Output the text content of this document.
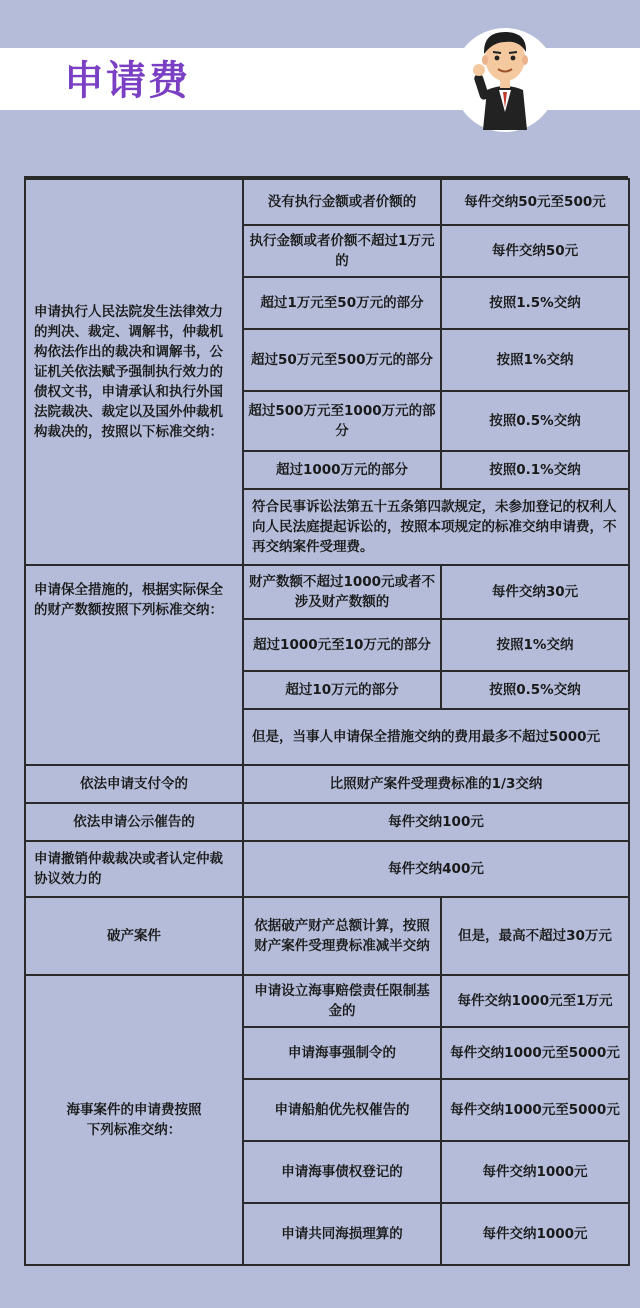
申请费
申请执行人民法院发生法律效力的判决、裁定、调解书，仲裁机构依法作出的裁决和调解书，公证机关依法赋予强制执行效力的债权文书，申请承认和执行外国法院裁决、裁定以及国外仲裁机构裁决的，按照以下标准交纳：	没有执行金额或者价额的	每件交纳50元至500元
	执行金额或者价额不超过1万元的	每件交纳50元
	超过1万元至50万元的部分	按照1.5%交纳
	超过50万元至500万元的部分	按照1%交纳
	超过500万元至1000万元的部分	按照0.5%交纳
	超过1000万元的部分	按照0.1%交纳
	符合民事诉讼法第五十五条第四款规定，未参加登记的权利人向人民法庭提起诉讼的，按照本项规定的标准交纳申请费，不再交纳案件受理费。	
申请保全措施的，根据实际保全的财产数额按照下列标准交纳：	财产数额不超过1000元或者不涉及财产数额的	每件交纳30元
	超过1000元至10万元的部分	按照1%交纳
	超过10万元的部分	按照0.5%交纳
	但是，当事人申请保全措施交纳的费用最多不超过5000元	
依法申请支付令的	比照财产案件受理费标准的1/3交纳	
依法申请公示催告的	每件交纳100元	
申请撤销仲裁裁决或者认定仲裁协议效力的	每件交纳400元	
破产案件	依据破产财产总额计算，按照财产案件受理费标准减半交纳	但是，最高不超过30万元
海事案件的申请费按照下列标准交纳：	申请设立海事赔偿责任限制基金的	每件交纳1000元至1万元
	申请海事强制令的	每件交纳1000元至5000元
	申请船舶优先权催告的	每件交纳1000元至5000元
	申请海事债权登记的	每件交纳1000元
	申请共同海损理算的	每件交纳1000元
